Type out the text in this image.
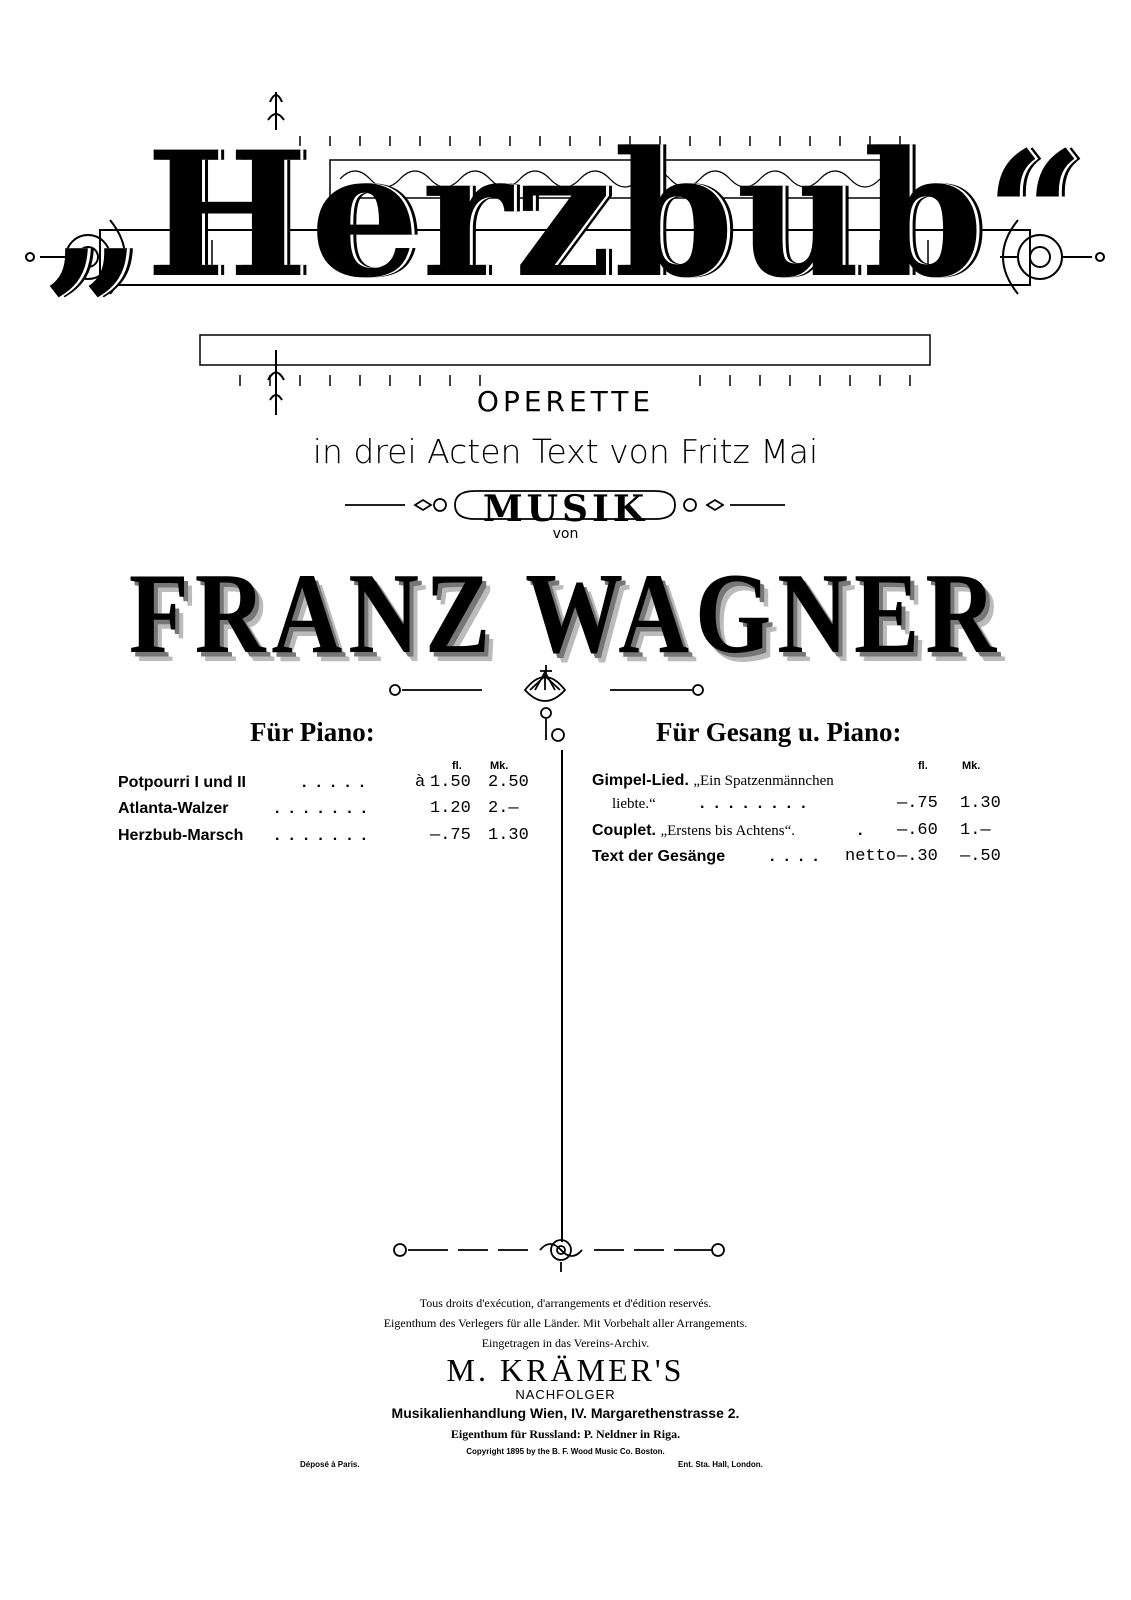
„Herzbub“
OPERETTE
in drei Acten Text von Fritz Mai
MUSIK
von
FRANZ WAGNER
Für Piano:
fl.	Mk.
Potpourri I und II	..... à 1.50 2.50
Atlanta-Walzer	.......	1.20 2.—
Herzbub-Marsch .......	—.75 1.30
Für Gesang u. Piano:
fl.	Mk.
Gimpel-Lied. „Ein Spatzenmännchen
liebte.“	........	—.75 1.30
Couplet. „Erstens bis Achtens“.	. —.60 1.—
Text der Gesänge	.... netto —.30 —.50
Tous droits d'exécution, d'arrangements et d'édition reservés.
Eigenthum des Verlegers für alle Länder. Mit Vorbehalt aller Arrangements.
Eingetragen in das Vereins-Archiv.
M. KRÄMER'S
NACHFOLGER
Musikalienhandlung Wien, IV. Margarethenstrasse 2.
Eigenthum für Russland: P. Neldner in Riga.
Copyright 1895 by the B. F. Wood Music Co. Boston.
Déposé à Paris.	Ent. Sta. Hall, London.
